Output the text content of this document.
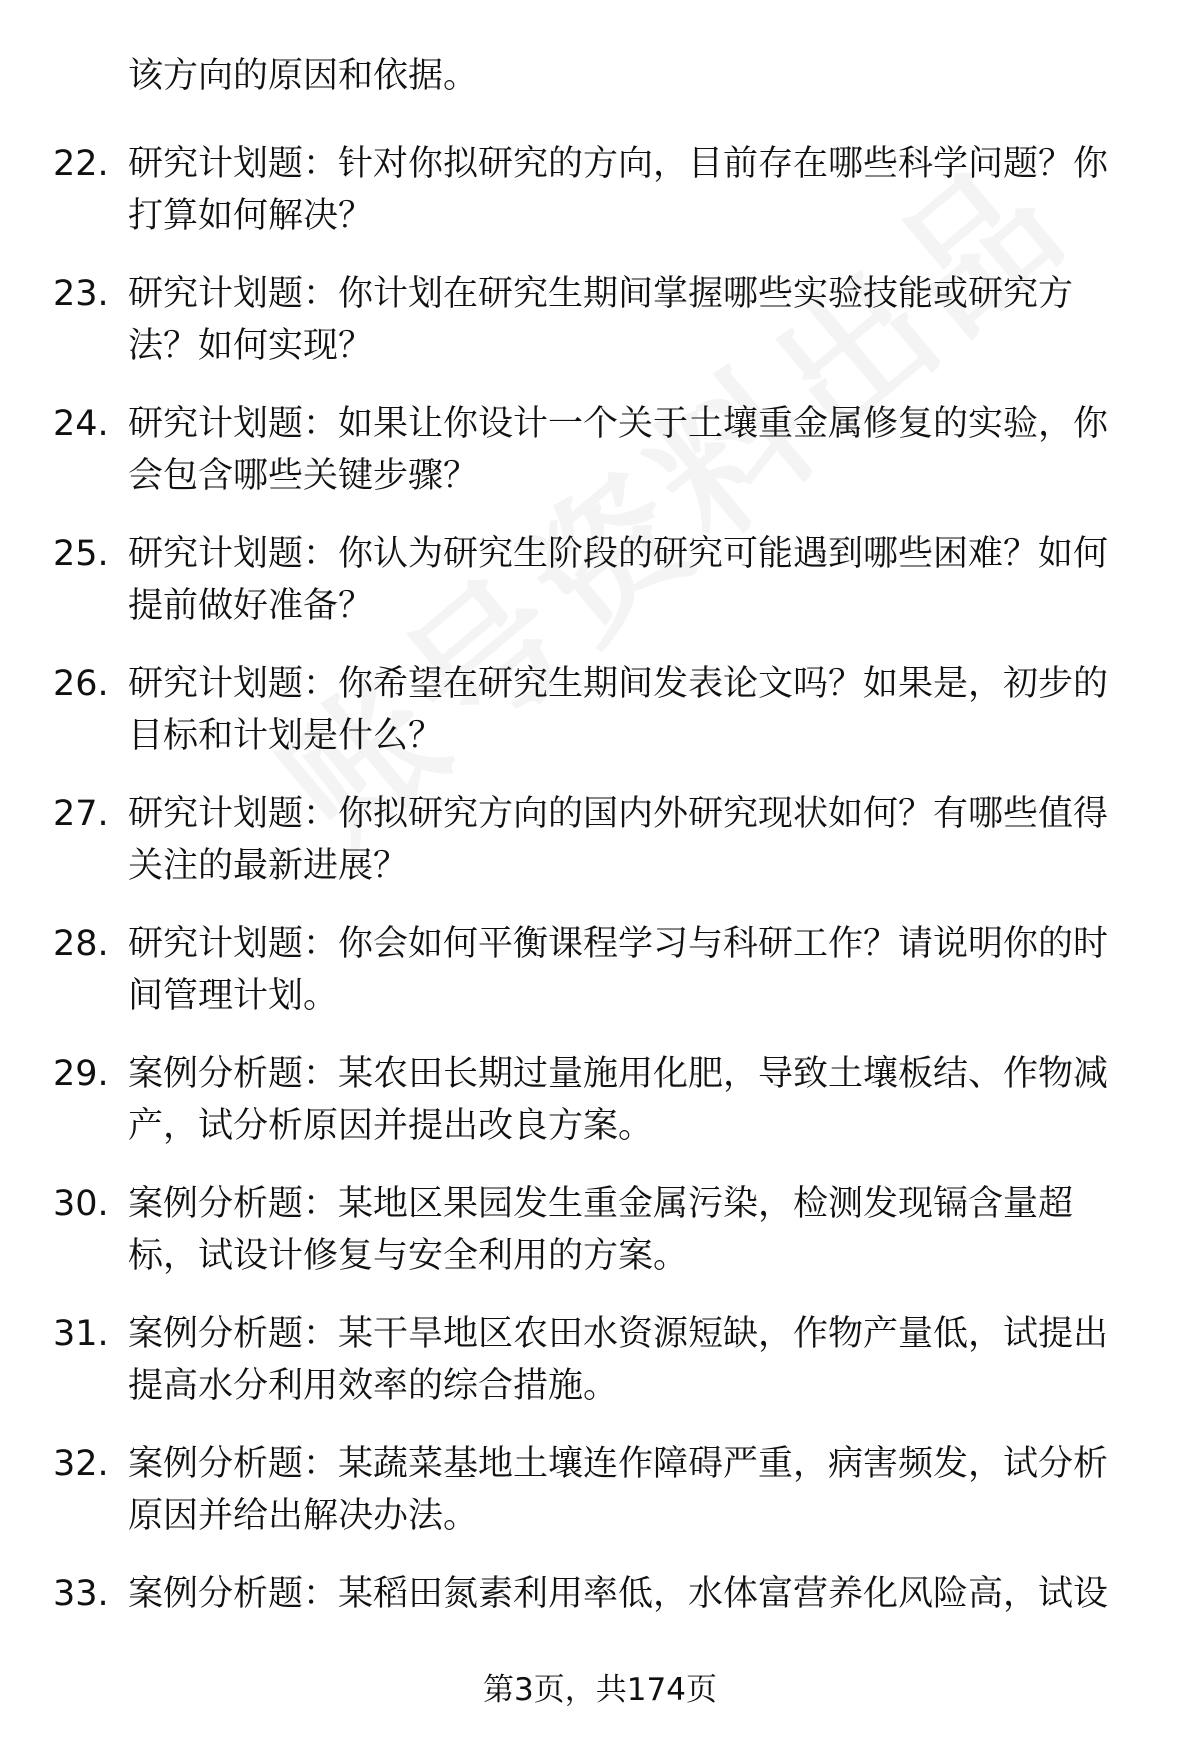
该方向的原因和依据。

22. 研究计划题：针对你拟研究的方向，目前存在哪些科学问题？你打算如何解决？
23. 研究计划题：你计划在研究生期间掌握哪些实验技能或研究方法？如何实现？
24. 研究计划题：如果让你设计一个关于土壤重金属修复的实验，你会包含哪些关键步骤？
25. 研究计划题：你认为研究生阶段的研究可能遇到哪些困难？如何提前做好准备？
26. 研究计划题：你希望在研究生期间发表论文吗？如果是，初步的目标和计划是什么？
27. 研究计划题：你拟研究方向的国内外研究现状如何？有哪些值得关注的最新进展？
28. 研究计划题：你会如何平衡课程学习与科研工作？请说明你的时间管理计划。
29. 案例分析题：某农田长期过量施用化肥，导致土壤板结、作物减产，试分析原因并提出改良方案。
30. 案例分析题：某地区果园发生重金属污染，检测发现镉含量超标，试设计修复与安全利用的方案。
31. 案例分析题：某干旱地区农田水资源短缺，作物产量低，试提出提高水分利用效率的综合措施。
32. 案例分析题：某蔬菜基地土壤连作障碍严重，病害频发，试分析原因并给出解决办法。
33. 案例分析题：某稻田氮素利用率低，水体富营养化风险高，试设
第3页，共174页
